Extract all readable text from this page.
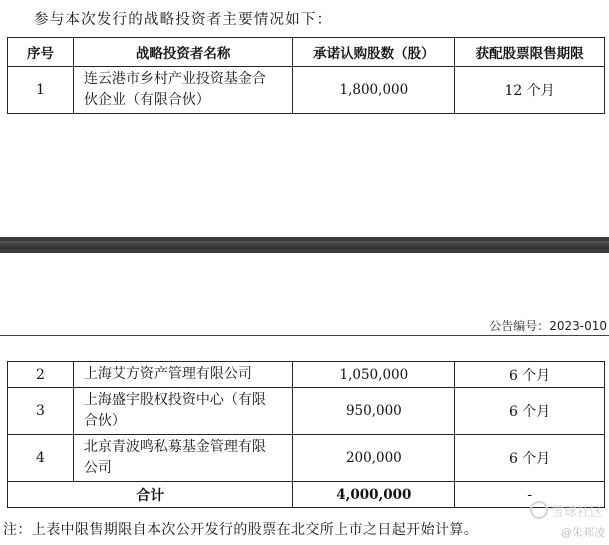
参与本次发行的战略投资者主要情况如下：
序号	战略投资者名称	承诺认购股数（股）	获配股票限售期限
1	连云港市乡村产业投资基金合
伙企业（有限合伙）	1,800,000	12 个月
公告编号：2023-010
2	上海艾方资产管理有限公司	1,050,000	6 个月
3	上海盛宇股权投资中心（有限
合伙）	950,000	6 个月
4	北京青波鸣私募基金管理有限
公司	200,000	6 个月
合计		4,000,000	-
雪球社区
注：上表中限售期限自本次公开发行的股票在北交所上市之日起开始计算。	@朱邦凌
